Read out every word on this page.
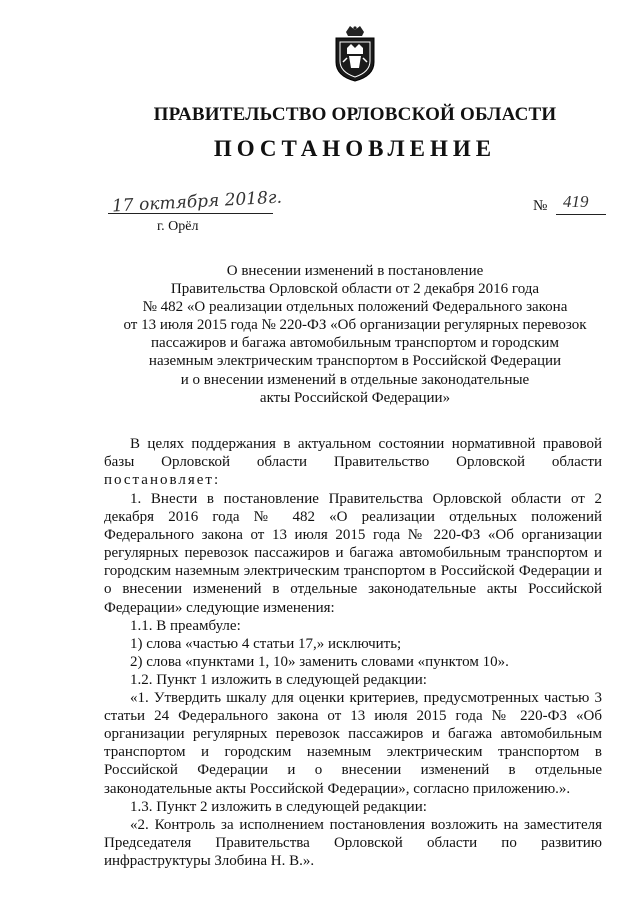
ПРАВИТЕЛЬСТВО ОРЛОВСКОЙ ОБЛАСТИ
ПОСТАНОВЛЕНИЕ
17 октября 2018г.
г. Орёл
№ 419
О внесении изменений в постановление
Правительства Орловской области от 2 декабря 2016 года
№ 482 «О реализации отдельных положений Федерального закона
от 13 июля 2015 года № 220-ФЗ «Об организации регулярных перевозок
пассажиров и багажа автомобильным транспортом и городским
наземным электрическим транспортом в Российской Федерации
и о внесении изменений в отдельные законодательные
акты Российской Федерации»

В целях поддержания в актуальном состоянии нормативной правовой базы Орловской области Правительство Орловской области постановляет:

1. Внести в постановление Правительства Орловской области от 2 декабря 2016 года № 482 «О реализации отдельных положений Федерального закона от 13 июля 2015 года № 220-ФЗ «Об организации регулярных перевозок пассажиров и багажа автомобильным транспортом и городским наземным электрическим транспортом в Российской Федерации и о внесении изменений в отдельные законодательные акты Российской Федерации» следующие изменения:

1.1. В преамбуле:

1) слова «частью 4 статьи 17,» исключить;

2) слова «пунктами 1, 10» заменить словами «пунктом 10».

1.2. Пункт 1 изложить в следующей редакции:

«1. Утвердить шкалу для оценки критериев, предусмотренных частью 3 статьи 24 Федерального закона от 13 июля 2015 года № 220-ФЗ «Об организации регулярных перевозок пассажиров и багажа автомобильным транспортом и городским наземным электрическим транспортом в Российской Федерации и о внесении изменений в отдельные законодательные акты Российской Федерации», согласно приложению.».

1.3. Пункт 2 изложить в следующей редакции:

«2. Контроль за исполнением постановления возложить на заместителя Председателя Правительства Орловской области по развитию инфраструктуры Злобина Н. В.».
